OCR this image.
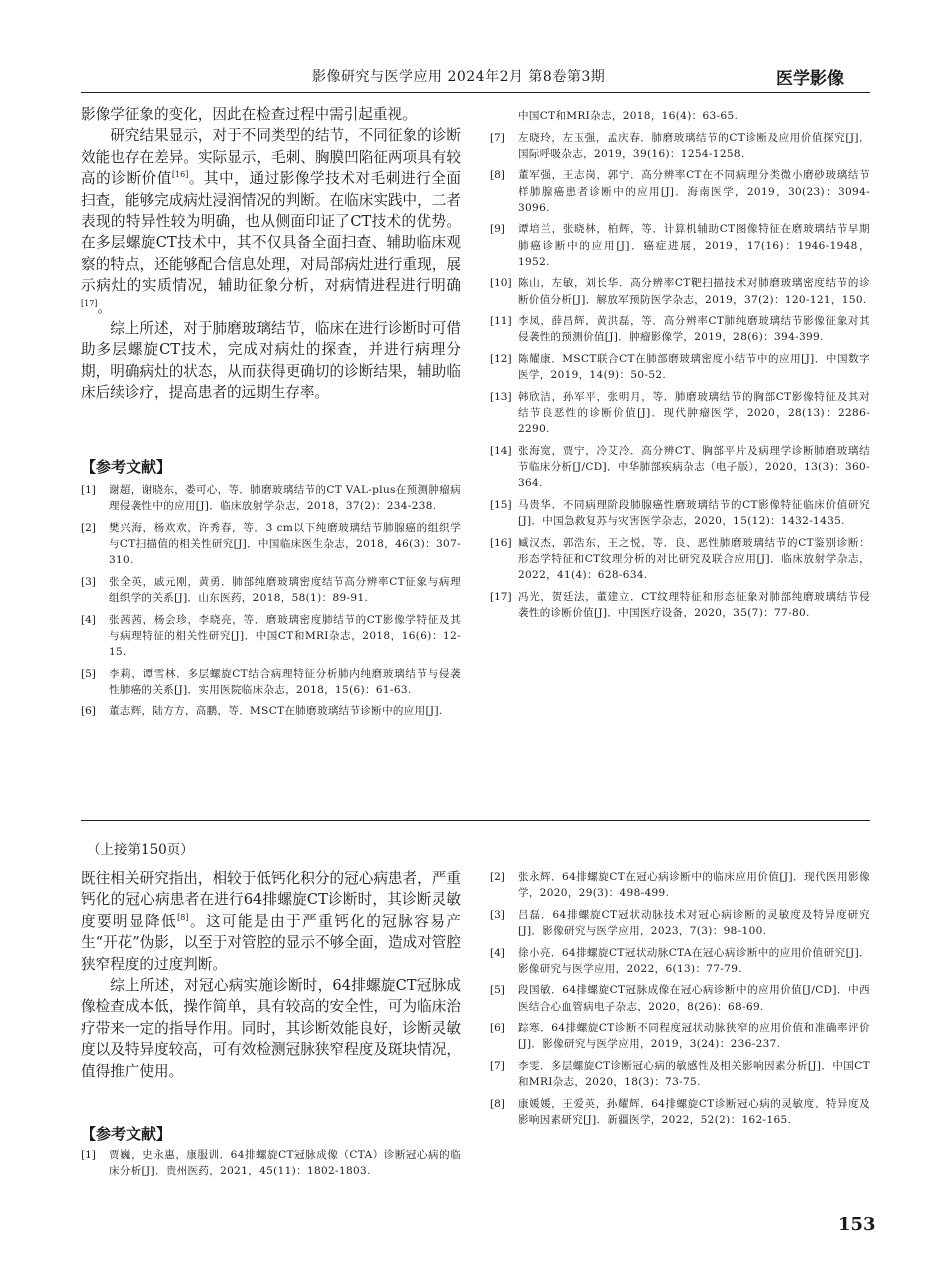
影像研究与医学应用 2024年2月 第8卷第3期	医学影像

影像学征象的变化，因此在检查过程中需引起重视。

研究结果显示，对于不同类型的结节，不同征象的诊断效能也存在差异。实际显示，毛刺、胸膜凹陷征两项具有较高的诊断价值[16]。其中，通过影像学技术对毛刺进行全面扫查，能够完成病灶浸润情况的判断。在临床实践中，二者表现的特异性较为明确，也从侧面印证了CT技术的优势。在多层螺旋CT技术中，其不仅具备全面扫查、辅助临床观察的特点，还能够配合信息处理，对局部病灶进行重现，展示病灶的实质情况，辅助征象分析，对病情进程进行明确[17]。

综上所述，对于肺磨玻璃结节，临床在进行诊断时可借助多层螺旋CT技术，完成对病灶的探查，并进行病理分期，明确病灶的状态，从而获得更确切的诊断结果，辅助临床后续诊疗，提高患者的远期生存率。

【参考文献】
[1]	谢超，谢晓东，娄可心，等．肺磨玻璃结节的CT VAL-plus在预测肿瘤病理侵袭性中的应用[J]．临床放射学杂志，2018，37(2)：234-238.
[2]	樊兴海，杨欢欢，许秀春，等．3 cm以下纯磨玻璃结节肺腺癌的组织学与CT扫描值的相关性研究[J]．中国临床医生杂志，2018，46(3)：307-310.
[3]	张全英，戚元刚，黄勇．肺部纯磨玻璃密度结节高分辨率CT征象与病理组织学的关系[J]．山东医药，2018，58(1)：89-91.
[4]	张茜茜，杨会珍，李晓亮，等．磨玻璃密度肺结节的CT影像学特征及其与病理特征的相关性研究[J]．中国CT和MRI杂志，2018，16(6)：12-15.
[5]	李莉，谭雪林．多层螺旋CT结合病理特征分析肺内纯磨玻璃结节与侵袭性肺癌的关系[J]．实用医院临床杂志，2018，15(6)：61-63.
[6]	董志辉，陆方方，高鹏，等．MSCT在肺磨玻璃结节诊断中的应用[J].
中国CT和MRI杂志，2018，16(4)：63-65.
[7]	左晓玲，左玉强，孟庆春．肺磨玻璃结节的CT诊断及应用价值探究[J]．国际呼吸杂志，2019，39(16)：1254-1258.
[8]	董军强，王志岗，郭宁．高分辨率CT在不同病理分类微小磨砂玻璃结节样肺腺癌患者诊断中的应用[J]．海南医学，2019，30(23)：3094-3096.
[9]	谭培兰，张晓林，柏辉，等．计算机辅助CT图像特征在磨玻璃结节早期肺癌诊断中的应用[J]．癌症进展，2019，17(16)：1946-1948，1952.
[10] 陈山，左敏，刘长华．高分辨率CT靶扫描技术对肺磨玻璃密度结节的诊断价值分析[J]．解放军预防医学杂志，2019，37(2)：120-121，150.
[11] 李凤，薛昌辉，黄洪磊，等．高分辨率CT肺纯磨玻璃结节影像征象对其侵袭性的预测价值[J]．肿瘤影像学，2019，28(6)：394-399.
[12] 陈耀康．MSCT联合CT在肺部磨玻璃密度小结节中的应用[J]．中国数字医学，2019，14(9)：50-52.
[13] 韩欣洁，孙军平，张明月，等．肺磨玻璃结节的胸部CT影像特征及其对结节良恶性的诊断价值[J]．现代肿瘤医学，2020，28(13)：2286-2290.
[14] 张海宽，贾宁，冷艾冷．高分辨CT、胸部平片及病理学诊断肺磨玻璃结节临床分析[J/CD]．中华肺部疾病杂志（电子版），2020，13(3)：360-364.
[15] 马贵华．不同病理阶段肺腺癌性磨玻璃结节的CT影像特征临床价值研究[J]．中国急救复苏与灾害医学杂志，2020，15(12)：1432-1435.
[16] 臧汉杰，郭浩东，王之悦，等．良、恶性肺磨玻璃结节的CT鉴别诊断：形态学特征和CT纹理分析的对比研究及联合应用[J]．临床放射学杂志，2022，41(4)：628-634.
[17] 冯光，贺廷法，董建立．CT纹理特征和形态征象对肺部纯磨玻璃结节侵袭性的诊断价值[J]．中国医疗设备，2020，35(7)：77-80.
（上接第150页）

既往相关研究指出，相较于低钙化积分的冠心病患者，严重钙化的冠心病患者在进行64排螺旋CT诊断时，其诊断灵敏度要明显降低[8]。这可能是由于严重钙化的冠脉容易产生“开花”伪影，以至于对管腔的显示不够全面，造成对管腔狭窄程度的过度判断。

综上所述，对冠心病实施诊断时，64排螺旋CT冠脉成像检查成本低，操作简单，具有较高的安全性，可为临床治疗带来一定的指导作用。同时，其诊断效能良好，诊断灵敏度以及特异度较高，可有效检测冠脉狭窄程度及斑块情况，值得推广使用。

【参考文献】
[1]	贾巍，史永惠，康服训．64排螺旋CT冠脉成像（CTA）诊断冠心病的临床分析[J]．贵州医药，2021，45(11)：1802-1803.
[2]	张永辉．64排螺旋CT在冠心病诊断中的临床应用价值[J]．现代医用影像学，2020，29(3)：498-499.
[3]	吕磊．64排螺旋CT冠状动脉技术对冠心病诊断的灵敏度及特异度研究[J]．影像研究与医学应用，2023，7(3)：98-100.
[4]	徐小亮．64排螺旋CT冠状动脉CTA在冠心病诊断中的应用价值研究[J]．影像研究与医学应用，2022，6(13)：77-79.
[5]	段国敏．64排螺旋CT冠脉成像在冠心病诊断中的应用价值[J/CD]．中西医结合心血管病电子杂志，2020，8(26)：68-69.
[6]	踪寒．64排螺旋CT诊断不同程度冠状动脉狭窄的应用价值和准确率评价[J]．影像研究与医学应用，2019，3(24)：236-237.
[7]	李雯．多层螺旋CT诊断冠心病的敏感性及相关影响因素分析[J]．中国CT和MRI杂志，2020，18(3)：73-75.
[8]	康媛媛，王爱英，孙耀辉．64排螺旋CT诊断冠心病的灵敏度、特异度及影响因素研究[J]．新疆医学，2022，52(2)：162-165.
153
